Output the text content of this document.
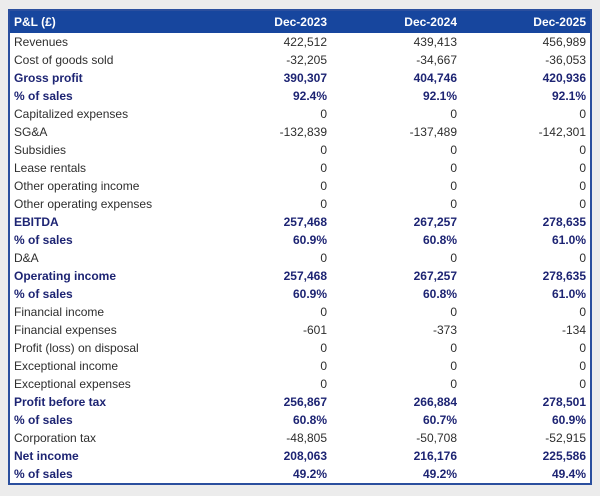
P&L (£)	Dec-2023	Dec-2024	Dec-2025
Revenues	422,512	439,413	456,989
Cost of goods sold	-32,205	-34,667	-36,053
Gross profit	390,307	404,746	420,936
% of sales	92.4%	92.1%	92.1%
Capitalized expenses	0	0	0
SG&A	-132,839	-137,489	-142,301
Subsidies	0	0	0
Lease rentals	0	0	0
Other operating income	0	0	0
Other operating expenses	0	0	0
EBITDA	257,468	267,257	278,635
% of sales	60.9%	60.8%	61.0%
D&A	0	0	0
Operating income	257,468	267,257	278,635
% of sales	60.9%	60.8%	61.0%
Financial income	0	0	0
Financial expenses	-601	-373	-134
Profit (loss) on disposal	0	0	0
Exceptional income	0	0	0
Exceptional expenses	0	0	0
Profit before tax	256,867	266,884	278,501
% of sales	60.8%	60.7%	60.9%
Corporation tax	-48,805	-50,708	-52,915
Net income	208,063	216,176	225,586
% of sales	49.2%	49.2%	49.4%
